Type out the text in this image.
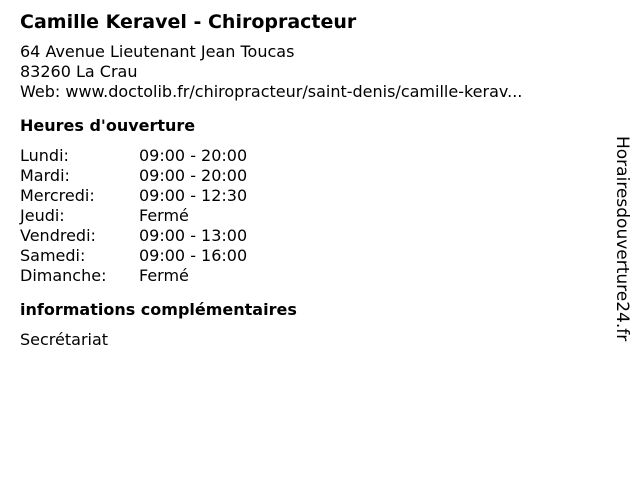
Camille Keravel - Chiropracteur
64 Avenue Lieutenant Jean Toucas
83260 La Crau
Web: www.doctolib.fr/chiropracteur/saint-denis/camille-kerav...
Heures d'ouverture
Lundi:	09:00 - 20:00
Mardi:	09:00 - 20:00
Mercredi:	09:00 - 12:30
Jeudi:	Fermé
Vendredi:	09:00 - 13:00
Samedi:	09:00 - 16:00
Dimanche:	Fermé
informations complémentaires
Secrétariat	Horairesdouverture24.fr
